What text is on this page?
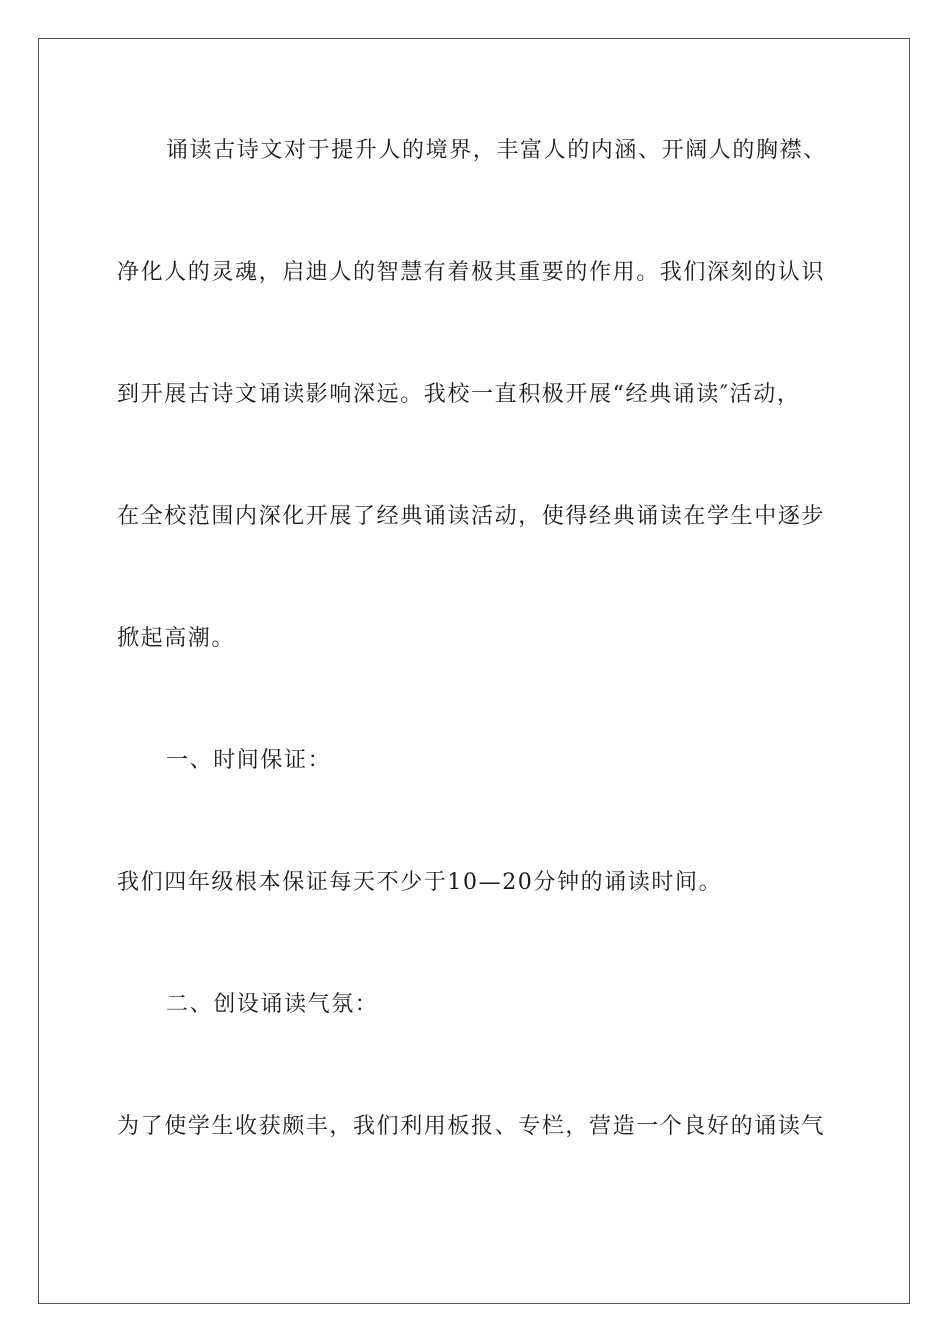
诵读古诗文对于提升人的境界，丰富人的内涵、开阔人的胸襟、
净化人的灵魂，启迪人的智慧有着极其重要的作用。我们深刻的认识
到开展古诗文诵读影响深远。我校一直积极开展“经典诵读″活动，
在全校范围内深化开展了经典诵读活动，使得经典诵读在学生中逐步
掀起高潮。
一、时间保证：
我们四年级根本保证每天不少于10—20分钟的诵读时间。
二、创设诵读气氛：
为了使学生收获颇丰，我们利用板报、专栏，营造一个良好的诵读气
